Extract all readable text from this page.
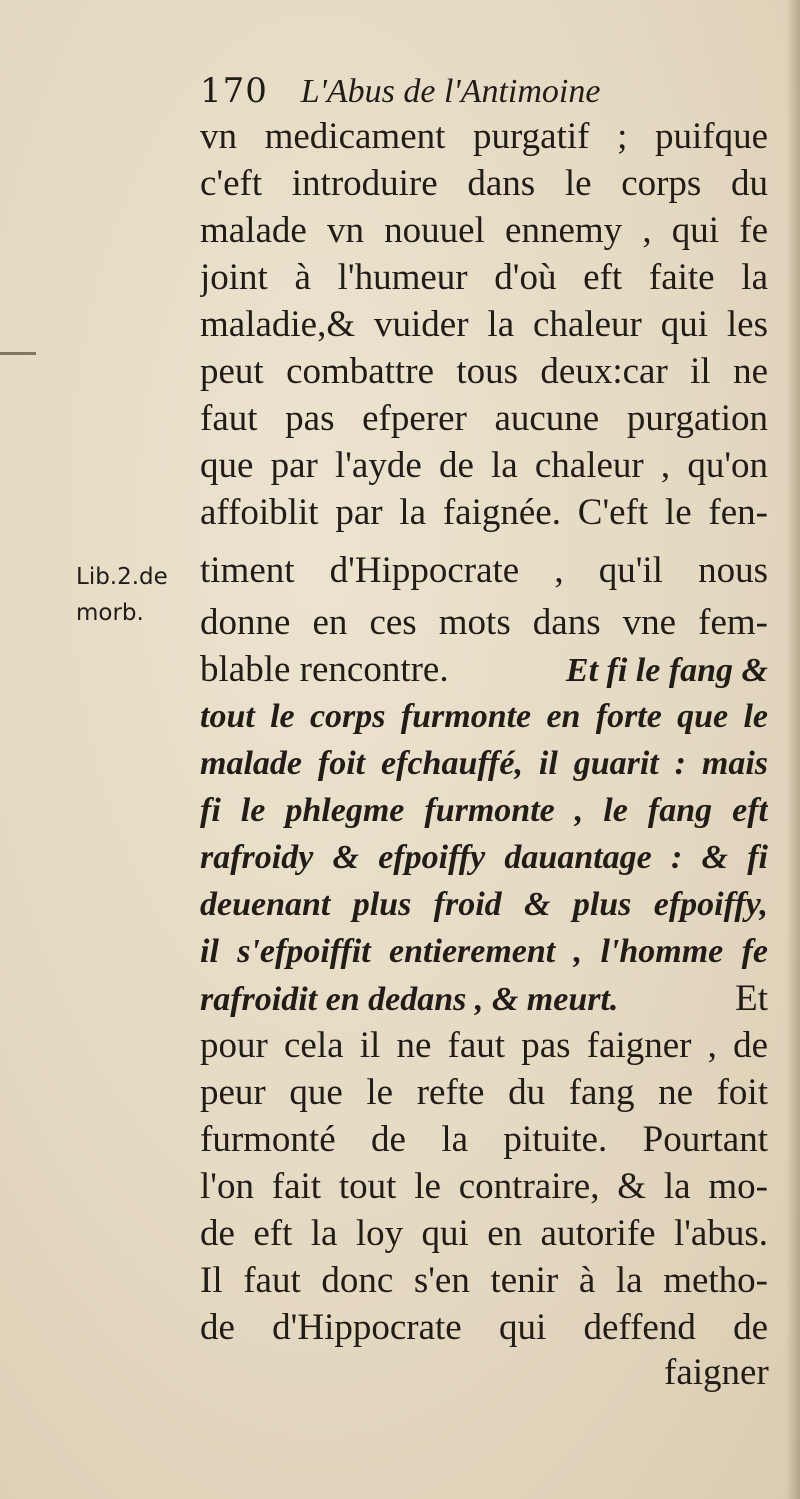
170 L'Abus de l'Antimoine
Lib.2.de
morb.
vn medicament purgatif ; puifque
c'eft introduire dans le corps du
malade vn nouuel ennemy , qui fe
joint à l'humeur d'où eft faite la
maladie,& vuider la chaleur qui les
peut combattre tous deux:car il ne
faut pas efperer aucune purgation
que par l'ayde de la chaleur , qu'on
affoiblit par la faignée. C'eft le fen-
timent d'Hippocrate , qu'il nous
donne en ces mots dans vne fem-
blable rencontre.	Et fi le fang &
tout le corps furmonte en forte que le
malade foit efchauffé, il guarit : mais
fi le phlegme furmonte , le fang eft
rafroidy & efpoiffy dauantage : & fi
deuenant plus froid & plus efpoiffy,
il s'efpoiffit entierement , l'homme fe
rafroidit en dedans , & meurt.	Et
pour cela il ne faut pas faigner , de
peur que le refte du fang ne foit
furmonté de la pituite. Pourtant
l'on fait tout le contraire, & la mo-
de eft la loy qui en autorife l'abus.
Il faut donc s'en tenir à la metho-
de d'Hippocrate qui deffend de
faigner
